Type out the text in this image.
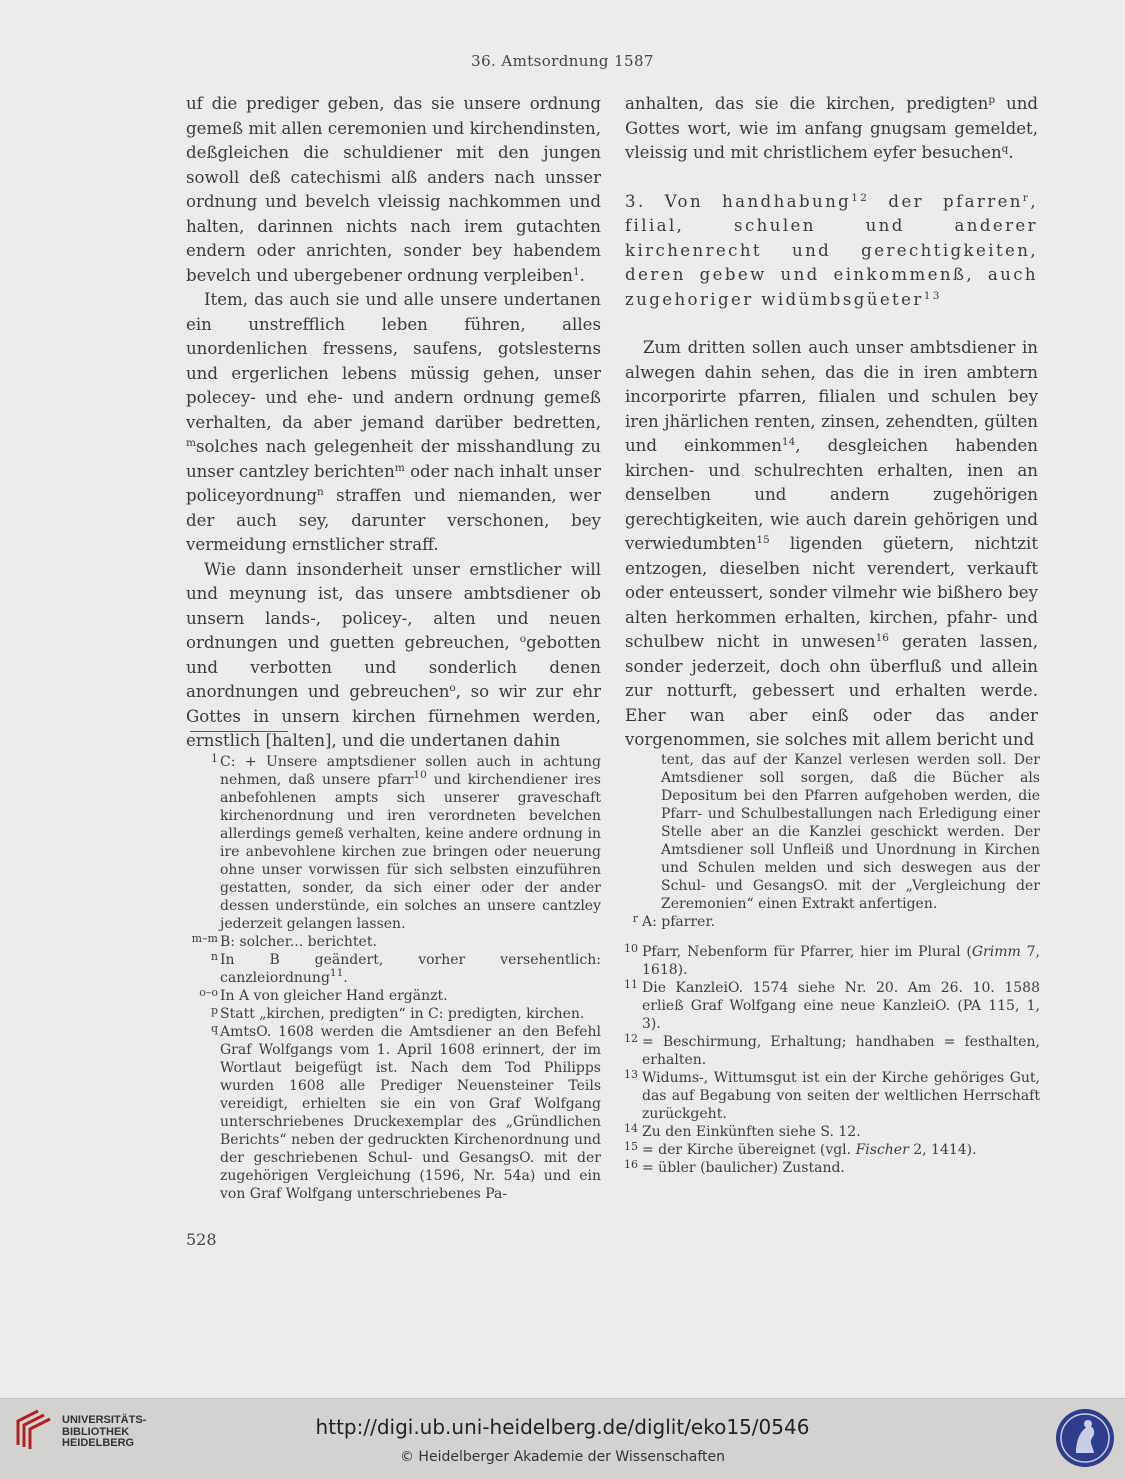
36. Amtsordnung 1587

uf die prediger geben, das sie unsere ordnung gemeß mit allen ceremonien und kirchendinsten, deßgleichen die schuldiener mit den jungen sowoll deß catechismi alß anders nach unsser ordnung und bevelch vleissig nachkommen und halten, darinnen nichts nach irem gutachten endern oder anrichten, sonder bey habendem bevelch und ubergebener ordnung verpleiben$^1$.

Item, das auch sie und alle unsere undertanen ein unstrefflich leben führen, alles unordenlichen fressens, saufens, gotslesterns und ergerlichen lebens müssig gehen, unser polecey- und ehe- und andern ordnung gemeß verhalten, da aber jemand darüber bedretten, $^m$solches nach gelegenheit der misshandlung zu unser cantzley berichten$^m$ oder nach inhalt unser policeyordnung$^n$ straffen und niemanden, wer der auch sey, darunter verschonen, bey vermeidung ernstlicher straff.

Wie dann insonderheit unser ernstlicher will und meynung ist, das unsere ambtsdiener ob unsern lands-, policey-, alten und neuen ordnungen und guetten gebreuchen, $^o$gebotten und verbotten und sonderlich denen anordnungen und gebreuchen$^o$, so wir zur ehr Gottes in unsern kirchen fürnehmen werden, ernstlich [halten], und die undertanen dahin

anhalten, das sie die kirchen, predigten$^p$ und Gottes wort, wie im anfang gnugsam gemeldet, vleissig und mit christlichem eyfer besuchen$^q$.

3. Von handhabung$^{12}$ der pfarren$^r$, filial, schulen und anderer kirchenrecht und gerechtigkeiten, deren gebew und einkommenß, auch zugehoriger widümbsgüeter$^{13}$

Zum dritten sollen auch unser ambtsdiener in alwegen dahin sehen, das die in iren ambtern incorporirte pfarren, filialen und schulen bey iren jhärlichen renten, zinsen, zehendten, gülten und einkommen$^{14}$, desgleichen habenden kirchen- und schulrechten erhalten, inen an denselben und andern zugehörigen gerechtigkeiten, wie auch darein gehörigen und verwiedumbten$^{15}$ ligenden güetern, nichtzit entzogen, dieselben nicht verendert, verkauft oder enteussert, sonder vilmehr wie bißhero bey alten herkommen erhalten, kirchen, pfahr- und schulbew nicht in unwesen$^{16}$ geraten lassen, sonder jederzeit, doch ohn überfluß und allein zur notturft, gebessert und erhalten werde. Eher wan aber einß oder das ander vorgenommen, sie solches mit allem bericht und

1 C: + Unsere amptsdiener sollen auch in achtung nehmen, daß unsere pfarr$^{10}$ und kirchendiener ires anbefohlenen ampts sich unserer graveschaft kirchenordnung und iren verordneten bevelchen allerdings gemeß verhalten, keine andere ordnung in ire anbevohlene kirchen zue bringen oder neuerung ohne unser vorwissen für sich selbsten einzuführen gestatten, sonder, da sich einer oder der ander dessen understünde, ein solches an unsere cantzley jederzeit gelangen lassen.
m–m B: solcher... berichtet.
n In B geändert, vorher versehentlich: canzleiordnung$^{11}$.
o–o In A von gleicher Hand ergänzt.
p Statt „kirchen, predigten“ in C: predigten, kirchen.
q AmtsO. 1608 werden die Amtsdiener an den Befehl Graf Wolfgangs vom 1. April 1608 erinnert, der im Wortlaut beigefügt ist. Nach dem Tod Philipps wurden 1608 alle Prediger Neuensteiner Teils vereidigt, erhielten sie ein von Graf Wolfgang unterschriebenes Druckexemplar des „Gründlichen Berichts“ neben der gedruckten Kirchenordnung und der geschriebenen Schul- und GesangsO. mit der zugehörigen Vergleichung (1596, Nr. 54a) und ein von Graf Wolfgang unterschriebenes Pa-
tent, das auf der Kanzel verlesen werden soll. Der Amtsdiener soll sorgen, daß die Bücher als Depositum bei den Pfarren aufgehoben werden, die Pfarr- und Schulbestallungen nach Erledigung einer Stelle aber an die Kanzlei geschickt werden. Der Amtsdiener soll Unfleiß und Unordnung in Kirchen und Schulen melden und sich deswegen aus der Schul- und GesangsO. mit der „Vergleichung der Zeremonien“ einen Extrakt anfertigen.
r A: pfarrer.
10 Pfarr, Nebenform für Pfarrer, hier im Plural (Grimm 7, 1618).
11 Die KanzleiO. 1574 siehe Nr. 20. Am 26. 10. 1588 erließ Graf Wolfgang eine neue KanzleiO. (PA 115, 1, 3).
12 = Beschirmung, Erhaltung; handhaben = festhalten, erhalten.
13 Widums-, Wittumsgut ist ein der Kirche gehöriges Gut, das auf Begabung von seiten der weltlichen Herrschaft zurückgeht.
14 Zu den Einkünften siehe S. 12.
15 = der Kirche übereignet (vgl. Fischer 2, 1414).
16 = übler (baulicher) Zustand.
528
UNIVERSITÄTS-
BIBLIOTHEK
HEIDELBERG
http://digi.ub.uni-heidelberg.de/diglit/eko15/0546
© Heidelberger Akademie der Wissenschaften
